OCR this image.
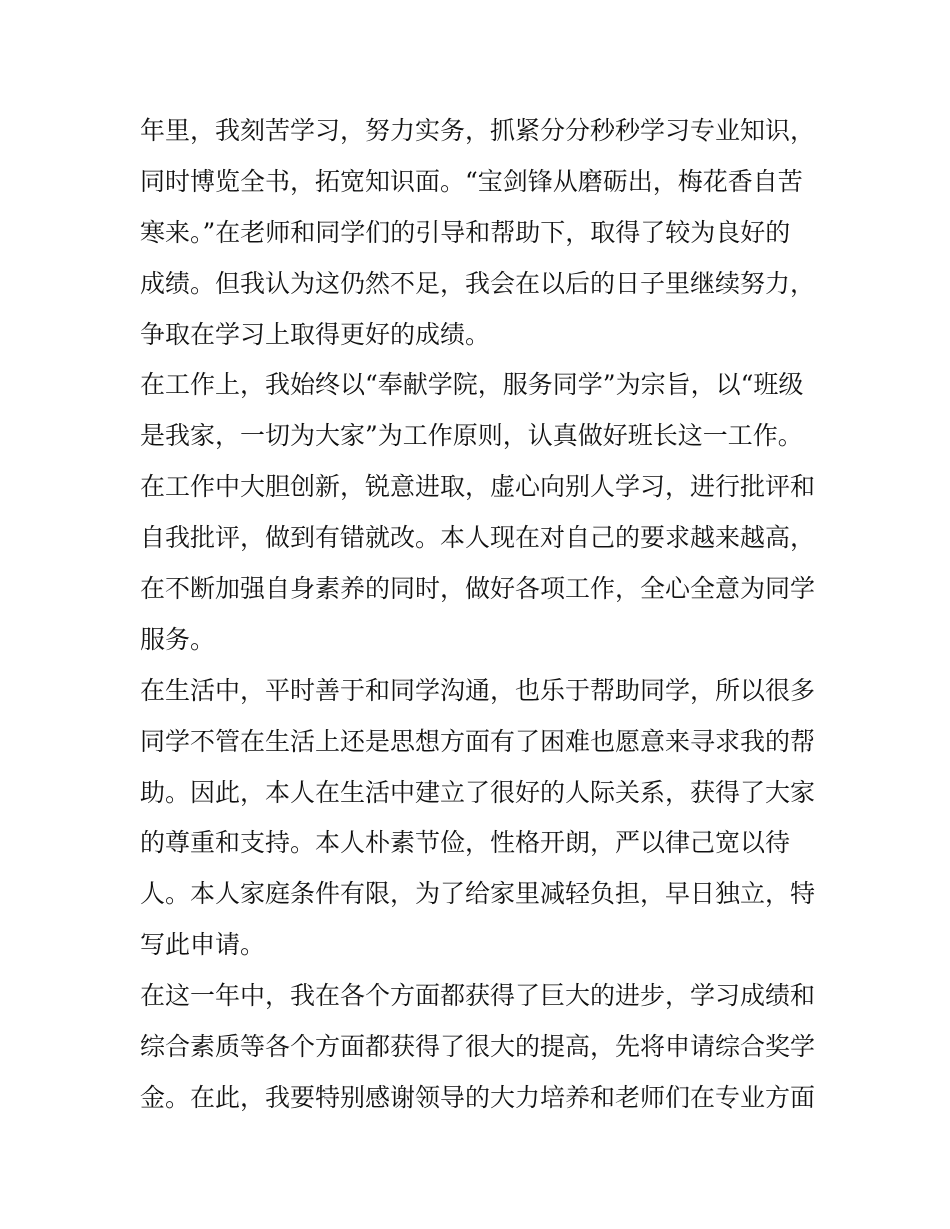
年里，我刻苦学习，努力实务，抓紧分分秒秒学习专业知识，
同时博览全书，拓宽知识面。“宝剑锋从磨砺出，梅花香自苦
寒来。”在老师和同学们的引导和帮助下，取得了较为良好的
成绩。但我认为这仍然不足，我会在以后的日子里继续努力，
争取在学习上取得更好的成绩。
在工作上，我始终以“奉献学院，服务同学”为宗旨，以“班级
是我家，一切为大家”为工作原则，认真做好班长这一工作。
在工作中大胆创新，锐意进取，虚心向别人学习，进行批评和
自我批评，做到有错就改。本人现在对自己的要求越来越高，
在不断加强自身素养的同时，做好各项工作，全心全意为同学
服务。
在生活中，平时善于和同学沟通，也乐于帮助同学，所以很多
同学不管在生活上还是思想方面有了困难也愿意来寻求我的帮
助。因此，本人在生活中建立了很好的人际关系，获得了大家
的尊重和支持。本人朴素节俭，性格开朗，严以律己宽以待
人。本人家庭条件有限，为了给家里减轻负担，早日独立，特
写此申请。
在这一年中，我在各个方面都获得了巨大的进步，学习成绩和
综合素质等各个方面都获得了很大的提高，先将申请综合奖学
金。在此，我要特别感谢领导的大力培养和老师们在专业方面
